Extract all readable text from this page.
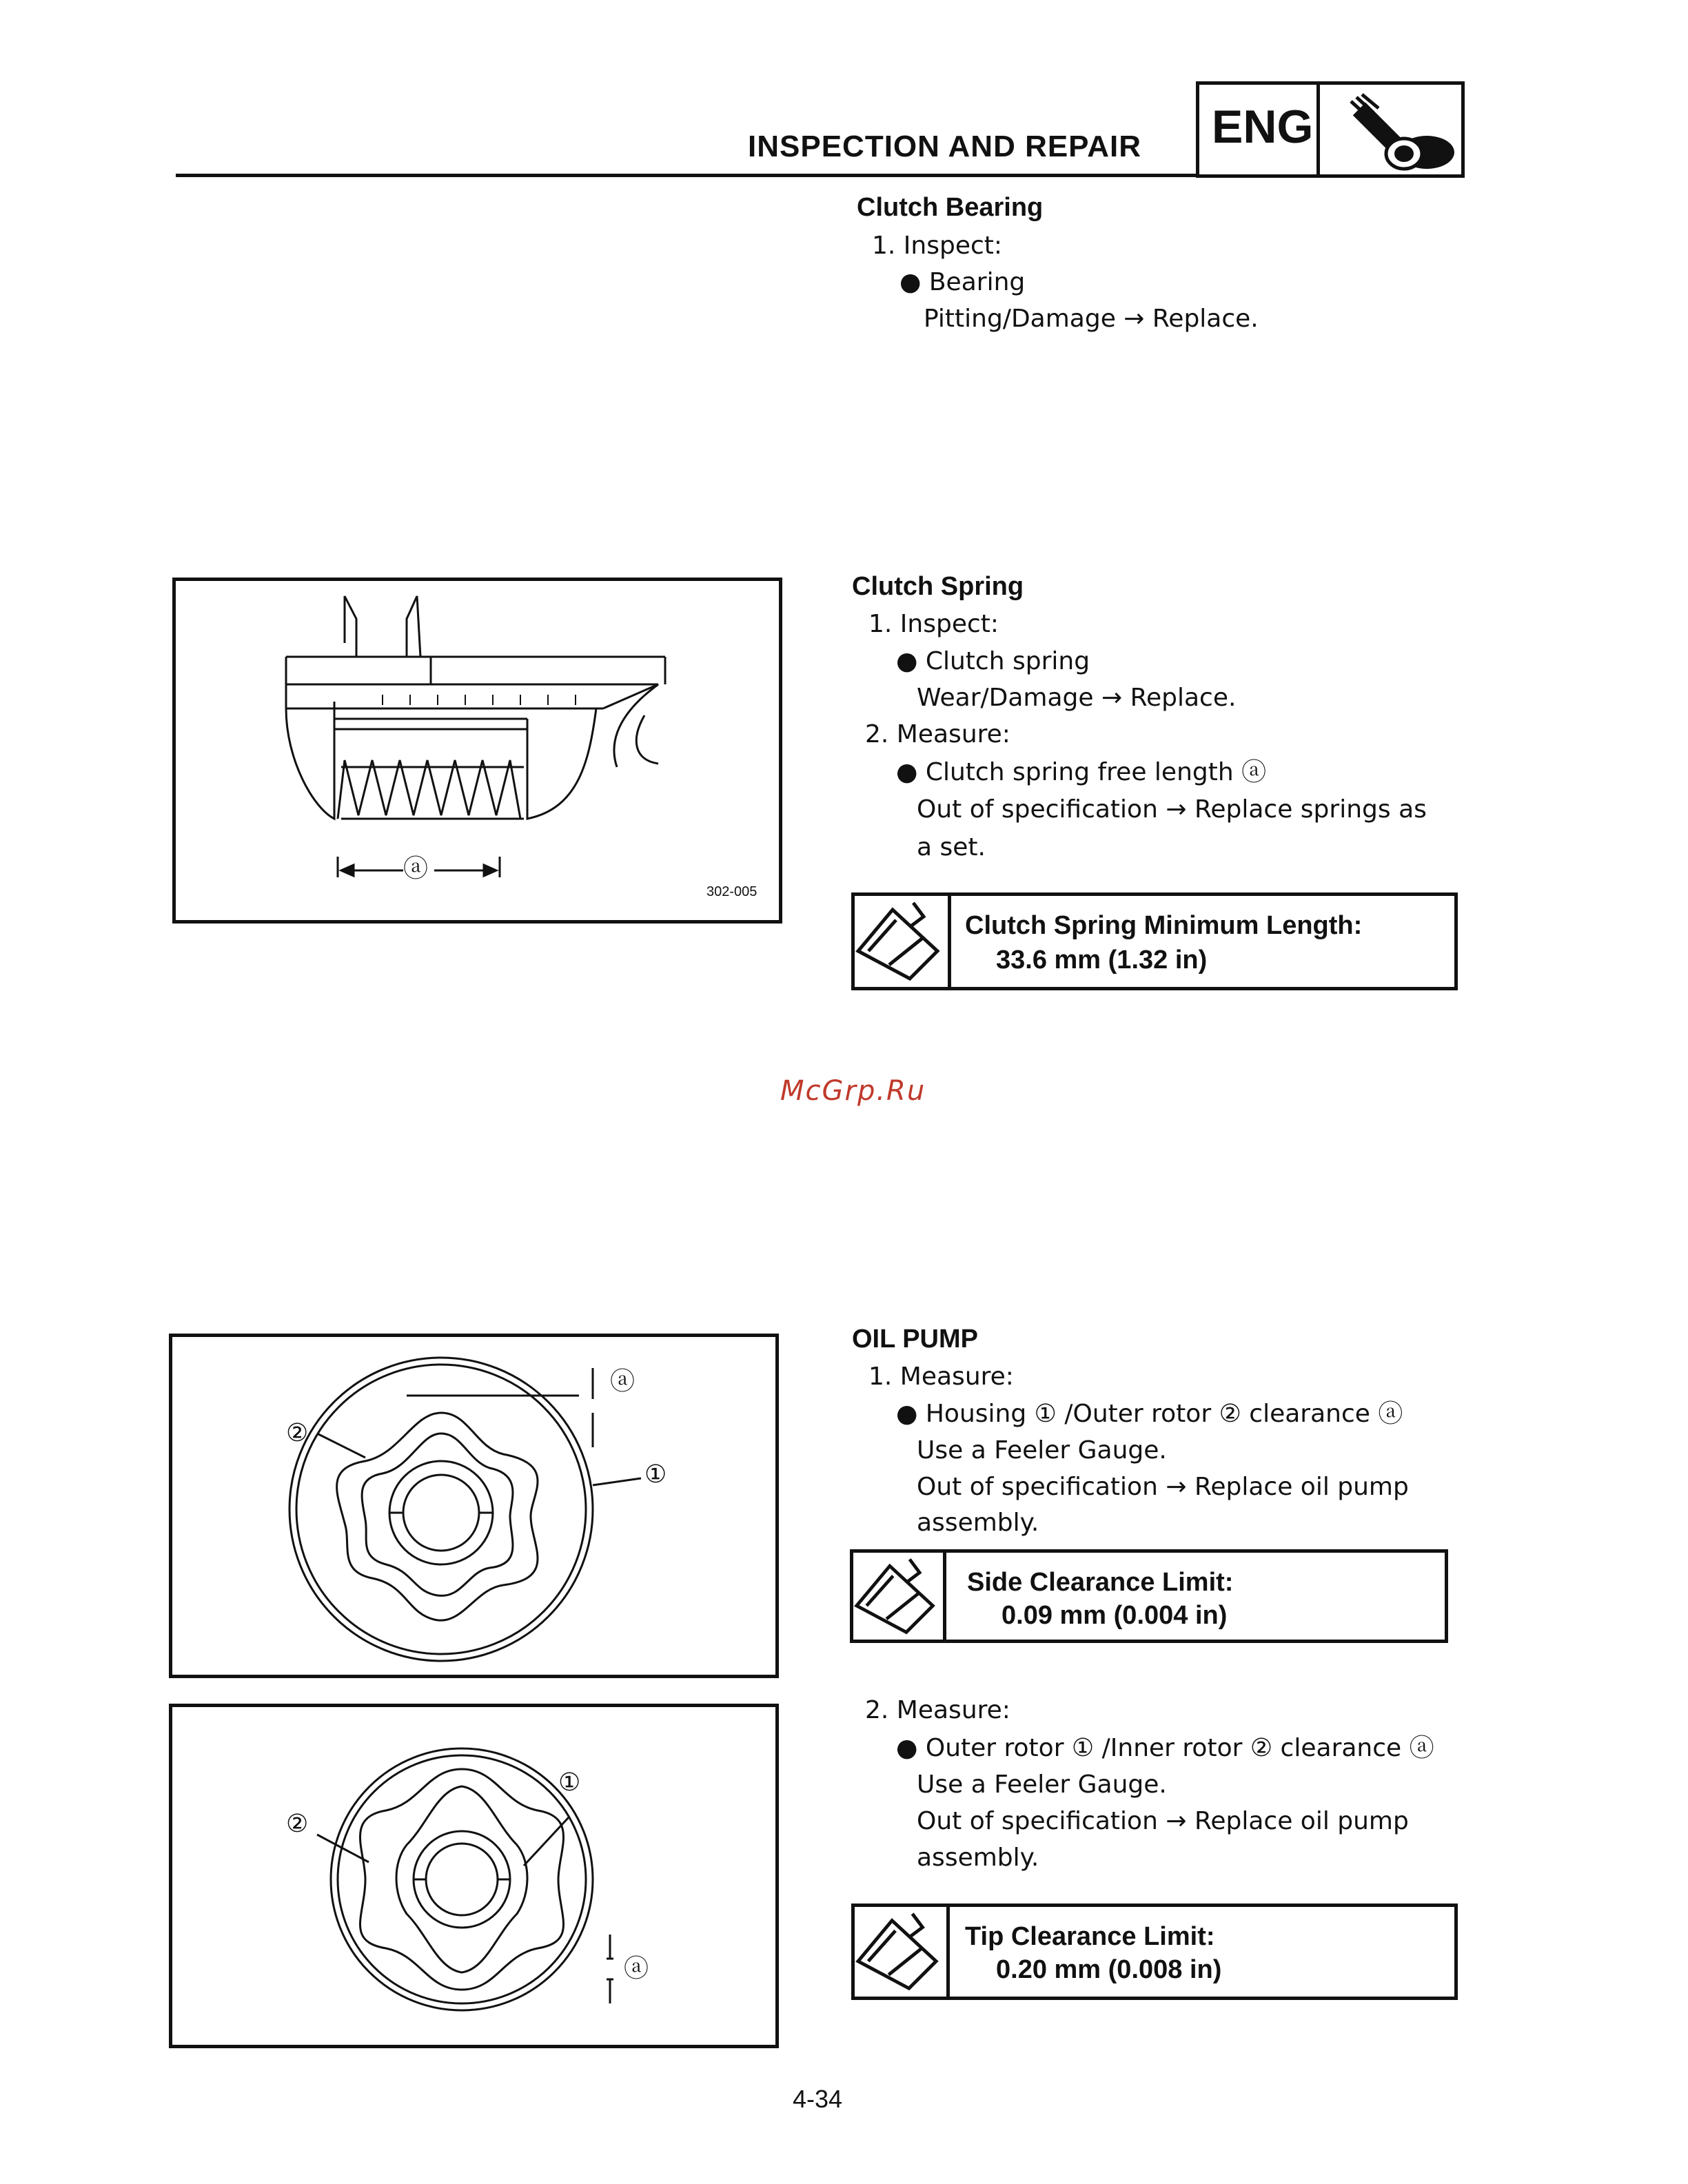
INSPECTION AND REPAIR ENG
Clutch Bearing
1. Inspect:
● Bearing
Pitting/Damage → Replace.
ⓐ
302-005
Clutch Spring
1. Inspect:
● Clutch spring
Wear/Damage → Replace.
2. Measure:
● Clutch spring free length ⓐ
Out of specification → Replace springs as
a set.
Clutch Spring Minimum Length:
33.6 mm (1.32 in)
McGrp.Ru
ⓐ
②
①
OIL PUMP
1. Measure:
● Housing ① /Outer rotor ② clearance ⓐ
Use a Feeler Gauge.
Out of specification → Replace oil pump
assembly.
Side Clearance Limit:
0.09 mm (0.004 in)
①
②
ⓐ
2. Measure:
● Outer rotor ① /Inner rotor ② clearance ⓐ
Use a Feeler Gauge.
Out of specification → Replace oil pump
assembly.
Tip Clearance Limit:
0.20 mm (0.008 in)
4-34
